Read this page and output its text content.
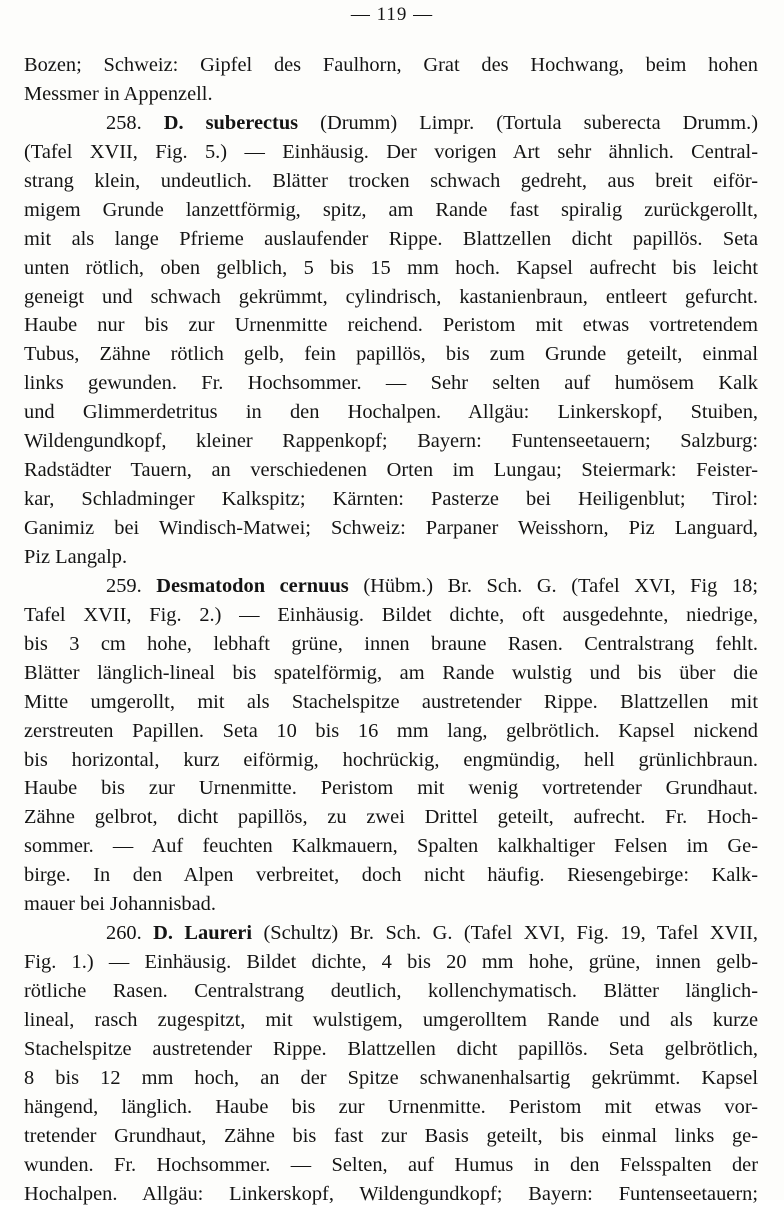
— 119 —
Bozen; Schweiz: Gipfel des Faulhorn, Grat des Hochwang, beim hohen
Messmer in Appenzell.
258. D. suberectus (Drumm) Limpr. (Tortula suberecta Drumm.)
(Tafel XVII, Fig. 5.) — Einhäusig. Der vorigen Art sehr ähnlich. Central-
strang klein, undeutlich. Blätter trocken schwach gedreht, aus breit eiför-
migem Grunde lanzettförmig, spitz, am Rande fast spiralig zurückgerollt,
mit als lange Pfrieme auslaufender Rippe. Blattzellen dicht papillös. Seta
unten rötlich, oben gelblich, 5 bis 15 mm hoch. Kapsel aufrecht bis leicht
geneigt und schwach gekrümmt, cylindrisch, kastanienbraun, entleert gefurcht.
Haube nur bis zur Urnenmitte reichend. Peristom mit etwas vortretendem
Tubus, Zähne rötlich gelb, fein papillös, bis zum Grunde geteilt, einmal
links gewunden. Fr. Hochsommer. — Sehr selten auf humösem Kalk
und Glimmerdetritus in den Hochalpen. Allgäu: Linkerskopf, Stuiben,
Wildengundkopf, kleiner Rappenkopf; Bayern: Funtenseetauern; Salzburg:
Radstädter Tauern, an verschiedenen Orten im Lungau; Steiermark: Feister-
kar, Schladminger Kalkspitz; Kärnten: Pasterze bei Heiligenblut; Tirol:
Ganimiz bei Windisch-Matwei; Schweiz: Parpaner Weisshorn, Piz Languard,
Piz Langalp.
259. Desmatodon cernuus (Hübm.) Br. Sch. G. (Tafel XVI, Fig 18;
Tafel XVII, Fig. 2.) — Einhäusig. Bildet dichte, oft ausgedehnte, niedrige,
bis 3 cm hohe, lebhaft grüne, innen braune Rasen. Centralstrang fehlt.
Blätter länglich-lineal bis spatelförmig, am Rande wulstig und bis über die
Mitte umgerollt, mit als Stachelspitze austretender Rippe. Blattzellen mit
zerstreuten Papillen. Seta 10 bis 16 mm lang, gelbrötlich. Kapsel nickend
bis horizontal, kurz eiförmig, hochrückig, engmündig, hell grünlichbraun.
Haube bis zur Urnenmitte. Peristom mit wenig vortretender Grundhaut.
Zähne gelbrot, dicht papillös, zu zwei Drittel geteilt, aufrecht. Fr. Hoch-
sommer. — Auf feuchten Kalkmauern, Spalten kalkhaltiger Felsen im Ge-
birge. In den Alpen verbreitet, doch nicht häufig. Riesengebirge: Kalk-
mauer bei Johannisbad.
260. D. Laureri (Schultz) Br. Sch. G. (Tafel XVI, Fig. 19, Tafel XVII,
Fig. 1.) — Einhäusig. Bildet dichte, 4 bis 20 mm hohe, grüne, innen gelb-
rötliche Rasen. Centralstrang deutlich, kollenchymatisch. Blätter länglich-
lineal, rasch zugespitzt, mit wulstigem, umgerolltem Rande und als kurze
Stachelspitze austretender Rippe. Blattzellen dicht papillös. Seta gelbrötlich,
8 bis 12 mm hoch, an der Spitze schwanenhalsartig gekrümmt. Kapsel
hängend, länglich. Haube bis zur Urnenmitte. Peristom mit etwas vor-
tretender Grundhaut, Zähne bis fast zur Basis geteilt, bis einmal links ge-
wunden. Fr. Hochsommer. — Selten, auf Humus in den Felsspalten der
Hochalpen. Allgäu: Linkerskopf, Wildengundkopf; Bayern: Funtenseetauern;
